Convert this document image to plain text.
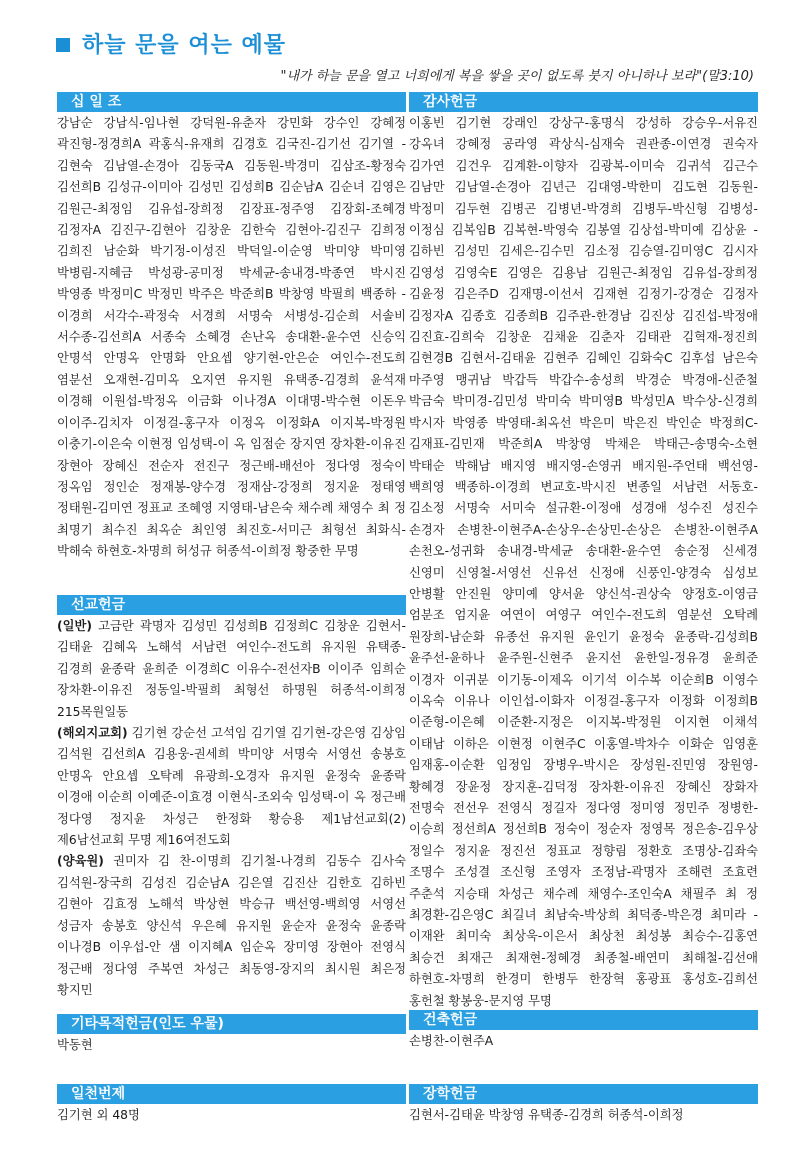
하늘 문을 여는 예물
"내가 하늘 문을 열고 너희에게 복을 쌓을 곳이 없도록 붓지 아니하나 보라"(말3:10)
십 일 조
강남순 강남식-임나현 강덕원-유춘자 강민화 강수인 강혜정 곽진형-정경희A 곽홍식-유재희 김경호 김국진-김기선 김기열 -김현숙 김남열-손경아 김동국A 김동원-박경미 김삼조-황정숙 김선희B 김성규-이미아 김성민 김성희B 김순남A 김순녀 김영은 김원근-최정임 김유섭-장희정 김장표-정주영 김장회-조혜경 김정자A 김진구-김현아 김창운 김한숙 김현아-김진구 김희정 김희진 남순화 박기정-이성진 박덕일-이순영 박미양 박미영 박병림-지혜금 박성광-공미정 박세균-송내경-박종연 박시진 박영종 박정미C 박정민 박주은 박준희B 박창영 박필희 백종하 -이경희 서각수-곽정숙 서경희 서명숙 서병성-김순희 서솔비 서수종-김선희A 서종숙 소혜경 손난옥 송대환-윤수연 신승익 안명석 안명옥 안명화 안요셉 양기현-안은순 여인수-전도희 염분선 오재현-김미옥 오지연 유지원 유택종-김경희 윤석재 이경해 이원섭-박정옥 이금화 이나경A 이대명-박수현 이돈우 이이주-김치자 이정걸-홍구자 이정옥 이정화A 이지복-박정원 이충기-이은숙 이현정 임성택-이 옥 임점순 장지연 장차환-이유진 장현아 장혜신 전순자 전진구 정근배-배선아 정다영 정숙이 정옥임 정인순 정재봉-양수경 정재삼-강정희 정지윤 정태영 정태원-김미연 정표교 조혜영 지영태-남은숙 채수례 채영수 최 정 최명기 최수진 최옥순 최인영 최진호-서미근 최형선 최화식-박해숙 하현호-차명희 허성규 허종석-이희정 황중한 무명
선교헌금

(일반) 고금란 곽명자 김성민 김성희B 김정희C 김창운 김현서-김태윤 김혜옥 노해석 서남련 여인수-전도희 유지원 유택종-김경희 윤종락 윤희준 이경희C 이유수-전선자B 이이주 임희순 장차환-이유진 정동일-박필희 최형선 하명원 허종석-이희정 215목원일동

(해외지교회) 김기현 강순선 고석임 김기열 김기현-강은영 김상임 김석원 김선희A 김용웅-권세희 박미양 서명숙 서영선 송봉호 안명옥 안요셉 오탁례 유광희-오경자 유지원 윤정숙 윤종락 이경애 이순희 이예준-이효경 이현식-조외숙 임성택-이 옥 정근배 정다영 정지윤 차성근 한정화 황승용 제1남선교회(2) 제6남선교회 무명 제16여전도회

(양육원) 권미자 김 찬-이명희 김기철-나경희 김동수 김사숙 김석원-장국희 김성진 김순남A 김은열 김진산 김한호 김하빈 김현아 김효정 노해석 박상현 박승규 백선영-백희영 서영선 성금자 송봉호 양신석 우은혜 유지원 윤순자 윤정숙 윤종락 이나경B 이우섭-안 샘 이지혜A 임순옥 장미영 장현아 전영식 정근배 정다영 주복연 차성근 최동영-장지의 최시원 최은정 황지민

기타목적헌금(인도 우물)
박동현
일천번제
김기현 외 48명
감사헌금
이홍빈 김기현 강래인 강상구-홍명식 강성하 강승우-서유진 강옥녀 강혜정 공라영 곽상식-심재숙 권관종-이연경 권숙자 김가연 김건우 김계환-이향자 김광복-이미숙 김귀석 김근수 김남만 김남열-손경아 김년근 김대영-박한미 김도현 김동원-박정미 김두현 김병곤 김병년-박경희 김병두-박신형 김병성-이정심 김복임B 김복현-박영숙 김봉열 김상섭-박미예 김상윤 -김하빈 김성민 김세은-김수민 김소정 김승열-김미영C 김시자 김영성 김영숙E 김영은 김용남 김원근-최정임 김유섭-장희정 김윤정 김은주D 김재명-이선서 김재현 김정기-강경순 김정자 김정자A 김종호 김종희B 김주관-한경남 김진상 김진섭-박정애 김진효-김희숙 김창운 김채윤 김춘자 김태관 김혁재-정진희 김현경B 김현서-김태윤 김현주 김혜인 김화숙C 김후섭 남은숙 마주영 맹귀남 박갑득 박갑수-송성희 박경순 박경애-신준철 박금숙 박미경-김민성 박미숙 박미영B 박성민A 박수상-신경희 박시자 박영종 박영태-최옥선 박은미 박은진 박인순 박정희C-김재표-김민재 박준희A 박창영 박채은 박태근-송명숙-소현 박태순 박해남 배지영 배지영-손영귀 배지원-주언태 백선영-백희영 백종하-이경희 변교호-박시진 변종일 서남련 서동호-김소정 서명숙 서미숙 설규환-이정애 성경애 성수진 성진수 손경자 손병찬-이현주A-손상우-손상민-손상은 손병찬-이현주A 손천오-성귀화 송내경-박세균 송대환-윤수연 송순정 신세경 신영미 신영철-서영선 신유선 신정애 신풍인-양경숙 심성보 안병활 안진원 양미예 양서윤 양신석-권상숙 양정호-이영금 엄분조 엄지윤 여연이 여영구 여인수-전도희 염분선 오탁례 원장희-남순화 유종선 유지원 윤인기 윤정숙 윤종락-김성희B 윤주선-윤하나 윤주원-신현주 윤지선 윤한일-정유경 윤희준 이경자 이귀분 이기동-이제옥 이기석 이수복 이순희B 이영수 이옥숙 이유나 이인섭-이화자 이정걸-홍구자 이정화 이정희B 이준형-이은혜 이준환-지정은 이지복-박정원 이지현 이채석 이태남 이하은 이현정 이현주C 이홍열-박차수 이화순 임영훈 임재홍-이순환 임정임 장병우-박시은 장성원-진민영 장원영-황혜경 장윤정 장지훈-김덕정 장차환-이유진 장혜신 장화자 전명숙 전선우 전영식 정길자 정다영 정미영 정민주 정병한-이승희 정선희A 정선희B 정숙이 정순자 정영목 정은송-김우상 정일수 정지윤 정진선 정표교 정향림 정환호 조명상-김좌숙 조명수 조성결 조신형 조영자 조정남-곽명자 조해련 조효련 주춘석 지승태 차성근 채수례 채영수-조인숙A 채필주 최 정 최경환-김은영C 최길녀 최남숙-박상희 최덕종-박은경 최미라 -이재완 최미숙 최상욱-이은서 최상천 최성봉 최승수-김홍연 최승건 최재근 최재현-정혜경 최종철-배연미 최해철-김선애 하현호-차명희 한경미 한병두 한장혁 홍광표 홍성호-김희선 홍헌철 황봉웅-문지영 무명
건축헌금
손병찬-이현주A
장학헌금
김현서-김태윤 박창영 유택종-김경희 허종석-이희정
